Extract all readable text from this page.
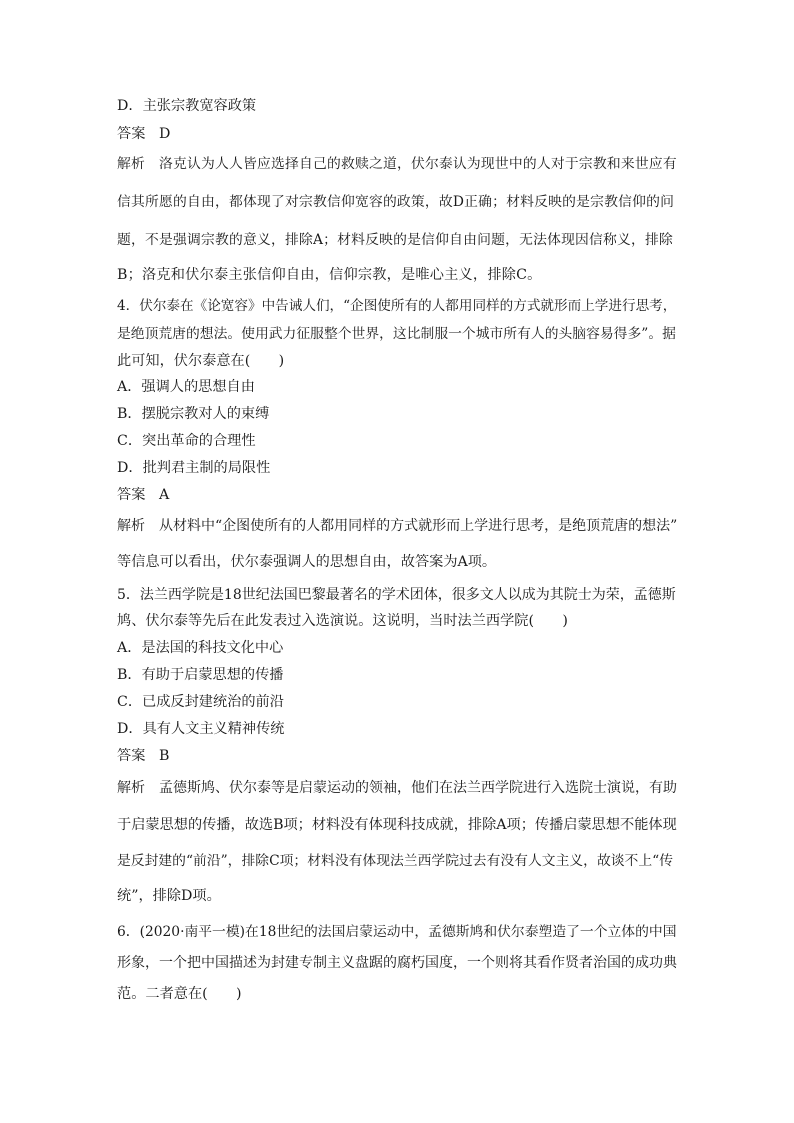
D．主张宗教宽容政策
答案 D
解析 洛克认为人人皆应选择自己的救赎之道，伏尔泰认为现世中的人对于宗教和来世应有
信其所愿的自由，都体现了对宗教信仰宽容的政策，故D正确；材料反映的是宗教信仰的问
题，不是强调宗教的意义，排除A；材料反映的是信仰自由问题，无法体现因信称义，排除
B；洛克和伏尔泰主张信仰自由，信仰宗教，是唯心主义，排除C。
4．伏尔泰在《论宽容》中告诫人们，“企图使所有的人都用同样的方式就形而上学进行思考，
是绝顶荒唐的想法。使用武力征服整个世界，这比制服一个城市所有人的头脑容易得多”。据
此可知，伏尔泰意在(　　)
A．强调人的思想自由
B．摆脱宗教对人的束缚
C．突出革命的合理性
D．批判君主制的局限性
答案 A
解析 从材料中“企图使所有的人都用同样的方式就形而上学进行思考，是绝顶荒唐的想法”
等信息可以看出，伏尔泰强调人的思想自由，故答案为A项。
5．法兰西学院是18世纪法国巴黎最著名的学术团体，很多文人以成为其院士为荣，孟德斯
鸠、伏尔泰等先后在此发表过入选演说。这说明，当时法兰西学院(　　)
A．是法国的科技文化中心
B．有助于启蒙思想的传播
C．已成反封建统治的前沿
D．具有人文主义精神传统
答案 B
解析 孟德斯鸠、伏尔泰等是启蒙运动的领袖，他们在法兰西学院进行入选院士演说，有助
于启蒙思想的传播，故选B项；材料没有体现科技成就，排除A项；传播启蒙思想不能体现
是反封建的“前沿”，排除C项；材料没有体现法兰西学院过去有没有人文主义，故谈不上“传
统”，排除D项。
6．(2020·南平一模)在18世纪的法国启蒙运动中，孟德斯鸠和伏尔泰塑造了一个立体的中国
形象，一个把中国描述为封建专制主义盘踞的腐朽国度，一个则将其看作贤者治国的成功典
范。二者意在(　　)
